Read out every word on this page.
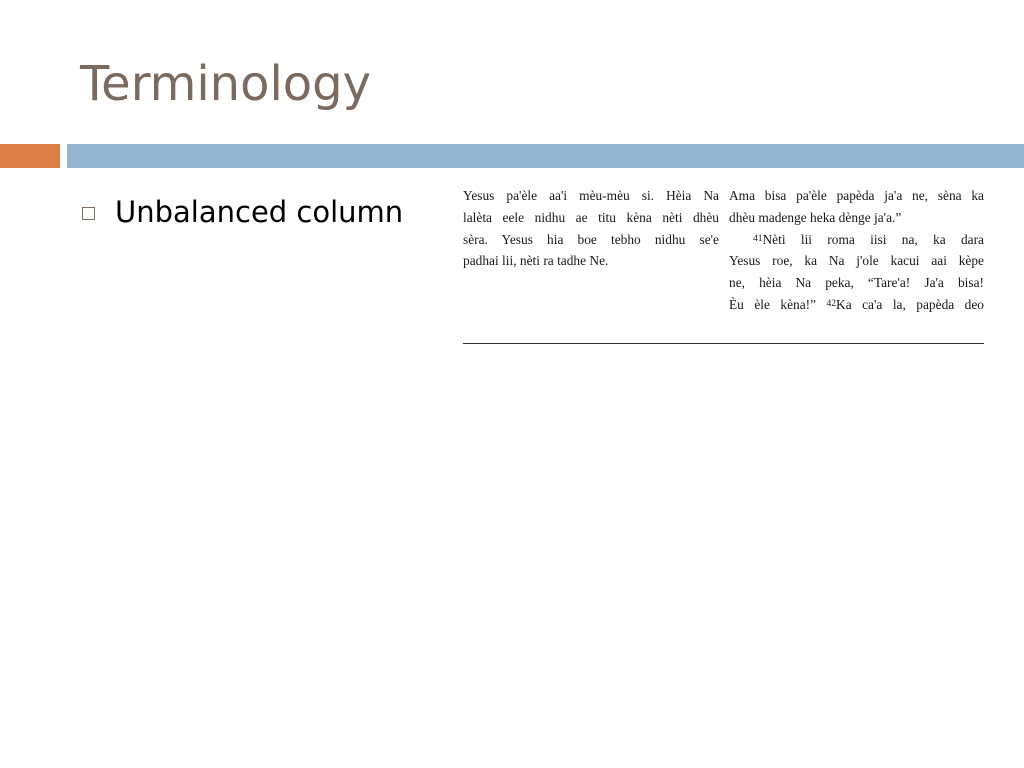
Terminology
Unbalanced column	Yesus pa'èle aa'i mèu-mèu si. Hèia Na
lalèta eele nidhu ae titu kèna nèti dhèu
sèra. Yesus hia boe tebho nidhu se'e
padhai lii, nèti ra tadhe Ne.
Ama bisa pa'èle papèda ja'a ne, sèna ka
dhèu madenge heka dènge ja'a.”
$^{41}$Nèti lii roma iisi na, ka dara
Yesus roe, ka Na j'ole kacui aai kèpe
ne, hèia Na peka, “Tare'a! Ja'a bisa!
Èu èle kèna!” $^{42}$Ka ca'a la, papèda deo
